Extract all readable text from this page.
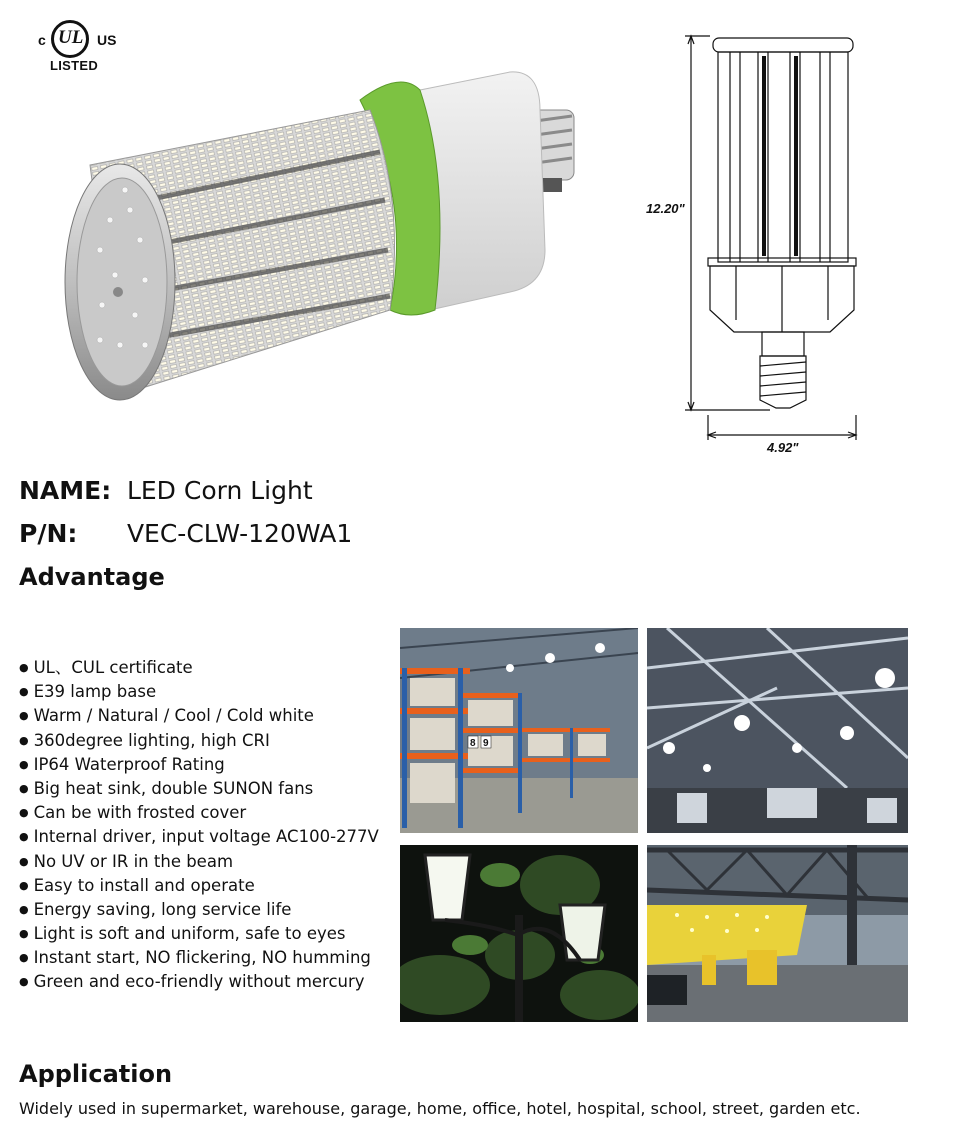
c UL US
LISTED
12.20"
4.92"
NAME: LED Corn Light
P/N: VEC-CLW-120WA1
Advantage
● UL、CUL certificate
● E39 lamp base
● Warm / Natural / Cool / Cold white
● 360degree lighting, high CRI
● IP64 Waterproof Rating
● Big heat sink, double SUNON fans
● Can be with frosted cover
● Internal driver, input voltage AC100-277V
● No UV or IR in the beam
● Easy to install and operate
● Energy saving, long service life
● Light is soft and uniform, safe to eyes
● Instant start, NO flickering, NO humming
● Green and eco-friendly without mercury
8 9
Application

Widely used in supermarket, warehouse, garage, home, office, hotel, hospital, school, street, garden etc.
